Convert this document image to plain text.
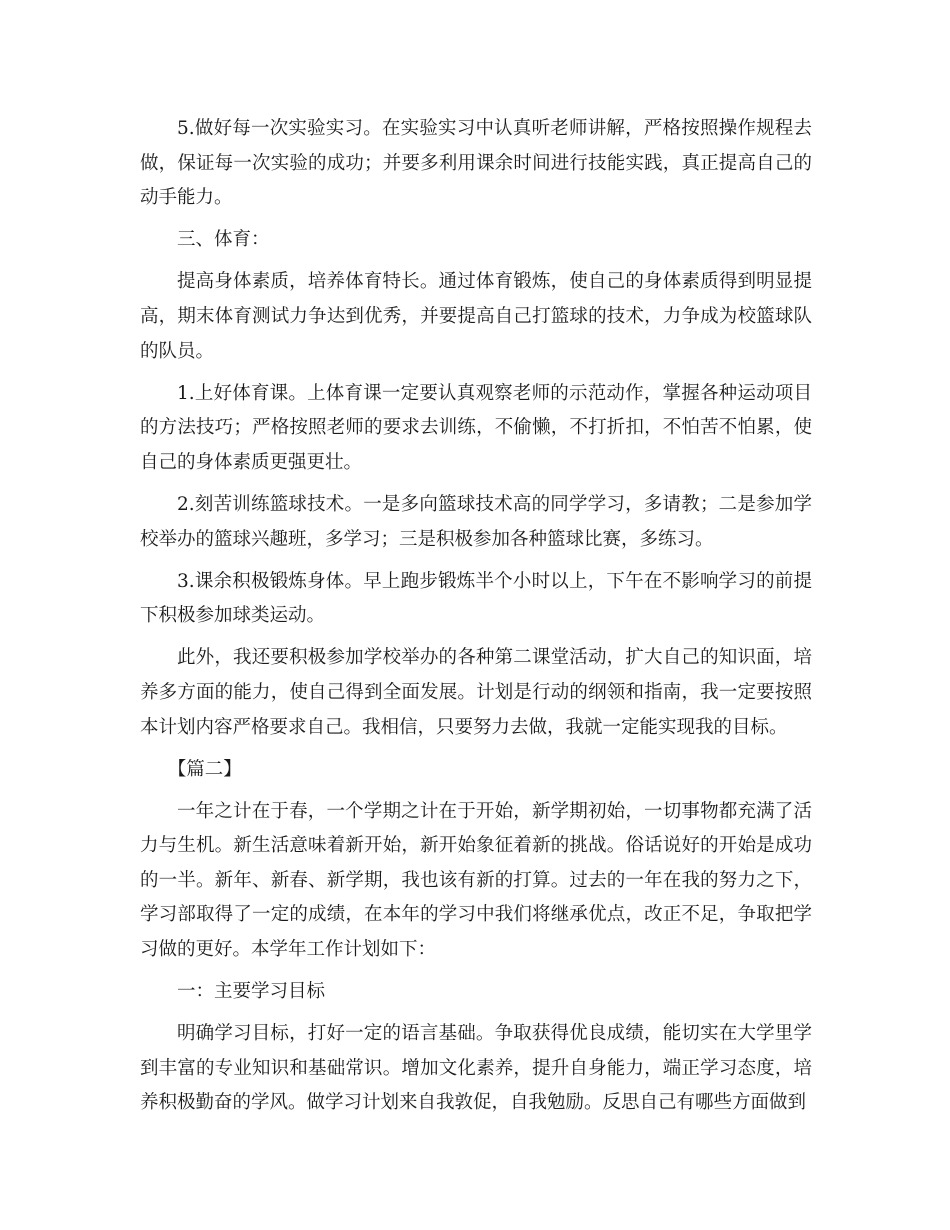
5.做好每一次实验实习。在实验实习中认真听老师讲解，严格按照操作规程去做，保证每一次实验的成功；并要多利用课余时间进行技能实践，真正提高自己的动手能力。

三、体育：

提高身体素质，培养体育特长。通过体育锻炼，使自己的身体素质得到明显提高，期末体育测试力争达到优秀，并要提高自己打篮球的技术，力争成为校篮球队的队员。

1.上好体育课。上体育课一定要认真观察老师的示范动作，掌握各种运动项目的方法技巧；严格按照老师的要求去训练，不偷懒，不打折扣，不怕苦不怕累，使自己的身体素质更强更壮。

2.刻苦训练篮球技术。一是多向篮球技术高的同学学习，多请教；二是参加学校举办的篮球兴趣班，多学习；三是积极参加各种篮球比赛，多练习。

3.课余积极锻炼身体。早上跑步锻炼半个小时以上，下午在不影响学习的前提下积极参加球类运动。

此外，我还要积极参加学校举办的各种第二课堂活动，扩大自己的知识面，培养多方面的能力，使自己得到全面发展。计划是行动的纲领和指南，我一定要按照本计划内容严格要求自己。我相信，只要努力去做，我就一定能实现我的目标。

【篇二】

一年之计在于春，一个学期之计在于开始，新学期初始，一切事物都充满了活力与生机。新生活意味着新开始，新开始象征着新的挑战。俗话说好的开始是成功的一半。新年、新春、新学期，我也该有新的打算。过去的一年在我的努力之下，学习部取得了一定的成绩，在本年的学习中我们将继承优点，改正不足，争取把学习做的更好。本学年工作计划如下：

一：主要学习目标

明确学习目标，打好一定的语言基础。争取获得优良成绩，能切实在大学里学到丰富的专业知识和基础常识。增加文化素养，提升自身能力，端正学习态度，培养积极勤奋的学风。做学习计划来自我敦促，自我勉励。反思自己有哪些方面做到
